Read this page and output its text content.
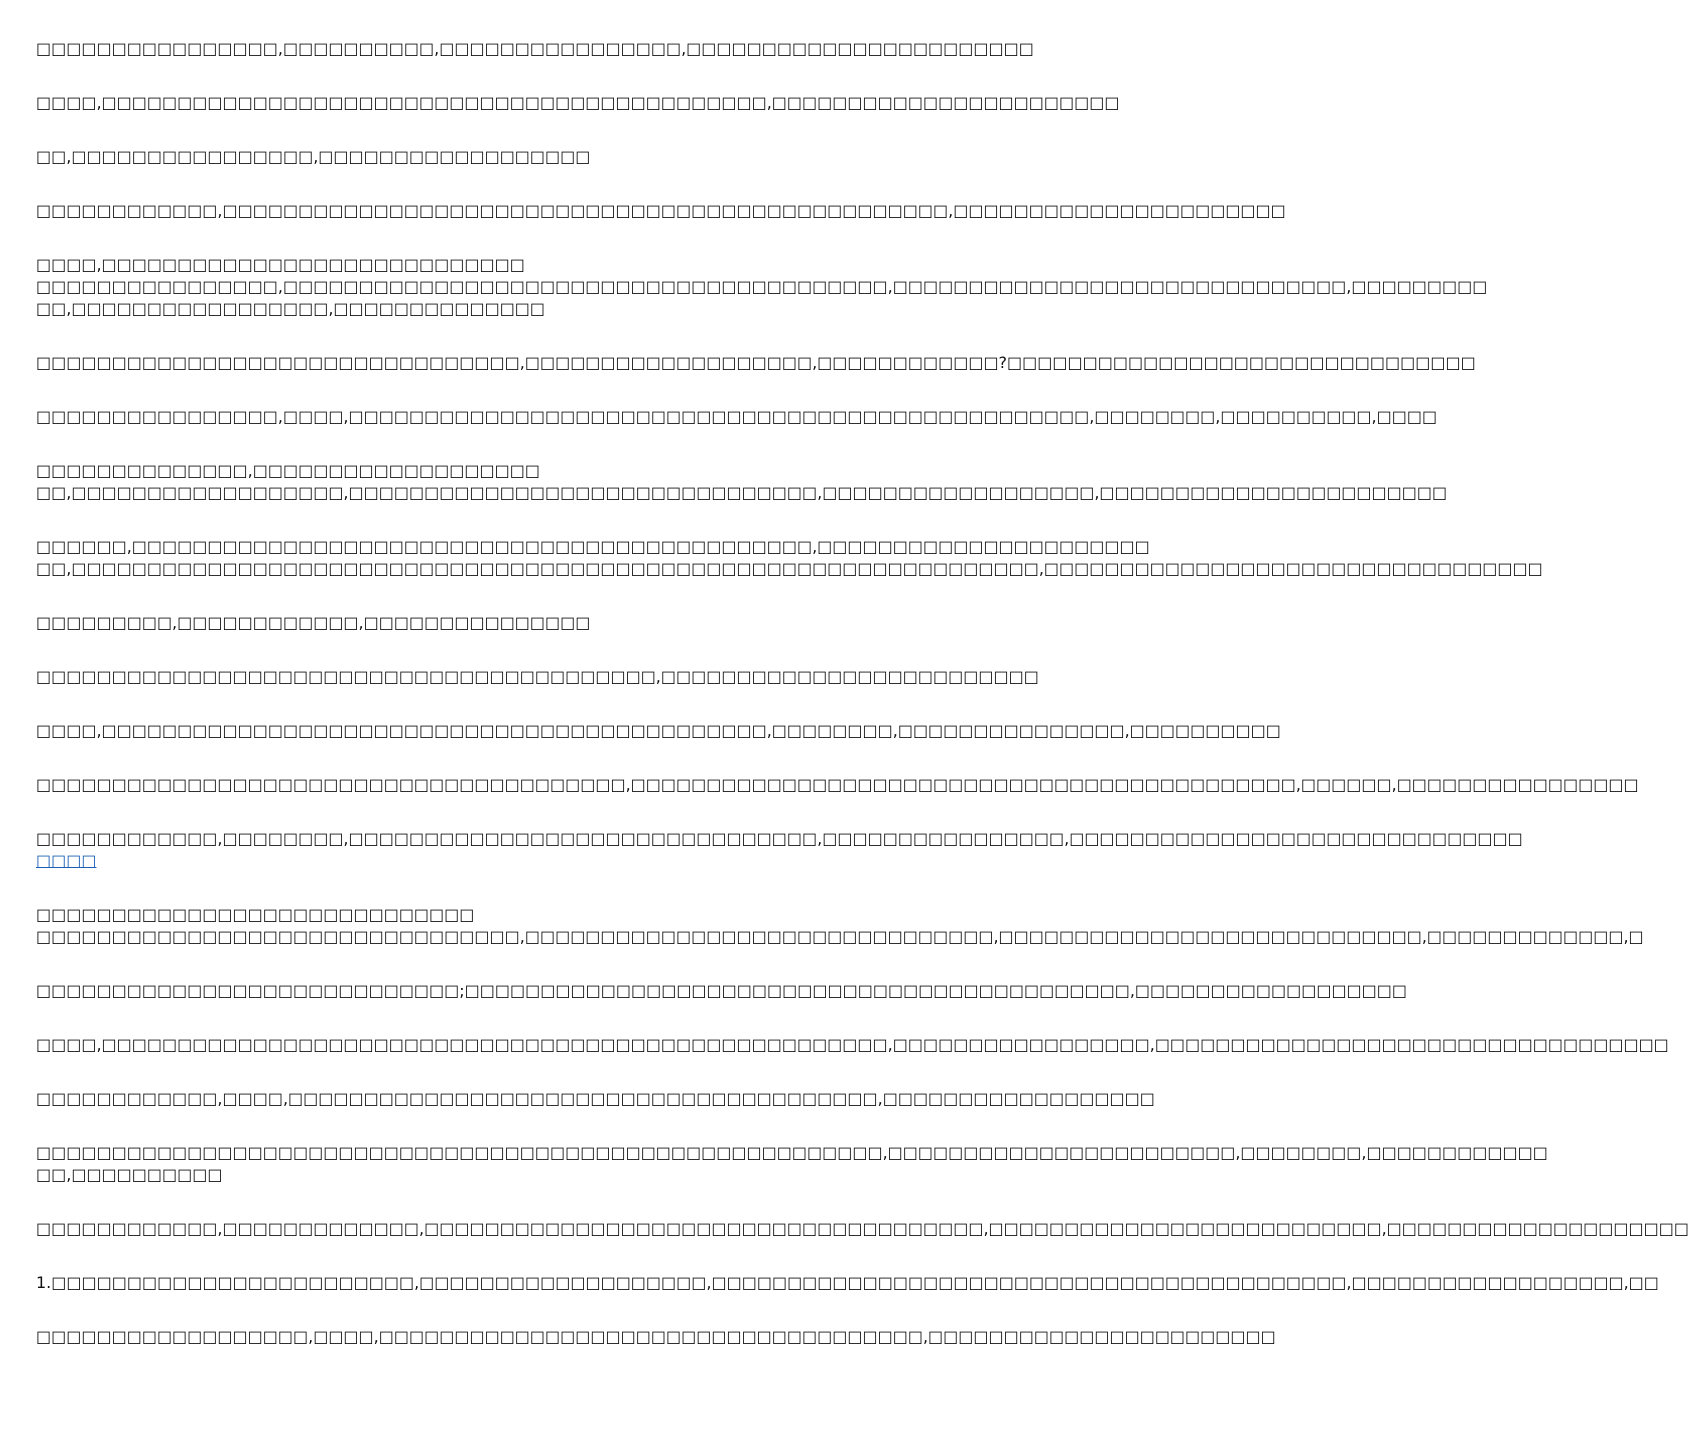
□□□□□□□□□□□□□□□□,□□□□□□□□□□,□□□□□□□□□□□□□□□□,□□□□□□□□□□□□□□□□□□□□□□□
□□□□,□□□□□□□□□□□□□□□□□□□□□□□□□□□□□□□□□□□□□□□□□□□□,□□□□□□□□□□□□□□□□□□□□□□□
□□,□□□□□□□□□□□□□□□□,□□□□□□□□□□□□□□□□□□
□□□□□□□□□□□□,□□□□□□□□□□□□□□□□□□□□□□□□□□□□□□□□□□□□□□□□□□□□□□□□,□□□□□□□□□□□□□□□□□□□□□□
□□□□,□□□□□□□□□□□□□□□□□□□□□□□□□□□□
□□□□□□□□□□□□□□□□,□□□□□□□□□□□□□□□□□□□□□□□□□□□□□□□□□□□□□□□□,□□□□□□□□□□□□□□□□□□□□□□□□□□□□□□,□□□□□□□□□
□□,□□□□□□□□□□□□□□□□□,□□□□□□□□□□□□□□
□□□□□□□□□□□□□□□□□□□□□□□□□□□□□□□□,□□□□□□□□□□□□□□□□□□□,□□□□□□□□□□□□?□□□□□□□□□□□□□□□□□□□□□□□□□□□□□□□
□□□□□□□□□□□□□□□□,□□□□,□□□□□□□□□□□□□□□□□□□□□□□□□□□□□□□□□□□□□□□□□□□□□□□□□,□□□□□□□□,□□□□□□□□□□,□□□□
□□□□□□□□□□□□□□,□□□□□□□□□□□□□□□□□□□
□□,□□□□□□□□□□□□□□□□□□,□□□□□□□□□□□□□□□□□□□□□□□□□□□□□□□,□□□□□□□□□□□□□□□□□□,□□□□□□□□□□□□□□□□□□□□□□□
□□□□□□,□□□□□□□□□□□□□□□□□□□□□□□□□□□□□□□□□□□□□□□□□□□□□,□□□□□□□□□□□□□□□□□□□□□□
□□,□□□□□□□□□□□□□□□□□□□□□□□□□□□□□□□□□□□□□□□□□□□□□□□□□□□□□□□□□□□□□□□□,□□□□□□□□□□□□□□□□□□□□□□□□□□□□□□□□□
□□□□□□□□□,□□□□□□□□□□□□,□□□□□□□□□□□□□□□
□□□□□□□□□□□□□□□□□□□□□□□□□□□□□□□□□□□□□□□□□,□□□□□□□□□□□□□□□□□□□□□□□□□
□□□□,□□□□□□□□□□□□□□□□□□□□□□□□□□□□□□□□□□□□□□□□□□□□,□□□□□□□□,□□□□□□□□□□□□□□□,□□□□□□□□□□
□□□□□□□□□□□□□□□□□□□□□□□□□□□□□□□□□□□□□□□,□□□□□□□□□□□□□□□□□□□□□□□□□□□□□□□□□□□□□□□□□□□□,□□□□□□,□□□□□□□□□□□□□□□□
□□□□□□□□□□□□,□□□□□□□□,□□□□□□□□□□□□□□□□□□□□□□□□□□□□□□□,□□□□□□□□□□□□□□□□,□□□□□□□□□□□□□□□□□□□□□□□□□□□□□□
□□□□
□□□□□□□□□□□□□□□□□□□□□□□□□□□□□
□□□□□□□□□□□□□□□□□□□□□□□□□□□□□□□□,□□□□□□□□□□□□□□□□□□□□□□□□□□□□□□□,□□□□□□□□□□□□□□□□□□□□□□□□□□□□,□□□□□□□□□□□□□,□
□□□□□□□□□□□□□□□□□□□□□□□□□□□□;□□□□□□□□□□□□□□□□□□□□□□□□□□□□□□□□□□□□□□□□□□□□,□□□□□□□□□□□□□□□□□□
□□□□,□□□□□□□□□□□□□□□□□□□□□□□□□□□□□□□□□□□□□□□□□□□□□□□□□□□□,□□□□□□□□□□□□□□□□□,□□□□□□□□□□□□□□□□□□□□□□□□□□□□□□□□□□
□□□□□□□□□□□□,□□□□,□□□□□□□□□□□□□□□□□□□□□□□□□□□□□□□□□□□□□□□,□□□□□□□□□□□□□□□□□□
□□□□□□□□□□□□□□□□□□□□□□□□□□□□□□□□□□□□□□□□□□□□□□□□□□□□□□□□,□□□□□□□□□□□□□□□□□□□□□□□,□□□□□□□□,□□□□□□□□□□□□
□□,□□□□□□□□□□
□□□□□□□□□□□□,□□□□□□□□□□□□□,□□□□□□□□□□□□□□□□□□□□□□□□□□□□□□□□□□□□□,□□□□□□□□□□□□□□□□□□□□□□□□□□,□□□□□□□□□□□□□□□□□□□□
1.□□□□□□□□□□□□□□□□□□□□□□□□,□□□□□□□□□□□□□□□□□□□,□□□□□□□□□□□□□□□□□□□□□□□□□□□□□□□□□□□□□□□□□□,□□□□□□□□□□□□□□□□□□,□□
□□□□□□□□□□□□□□□□□□,□□□□,□□□□□□□□□□□□□□□□□□□□□□□□□□□□□□□□□□□□,□□□□□□□□□□□□□□□□□□□□□□□
